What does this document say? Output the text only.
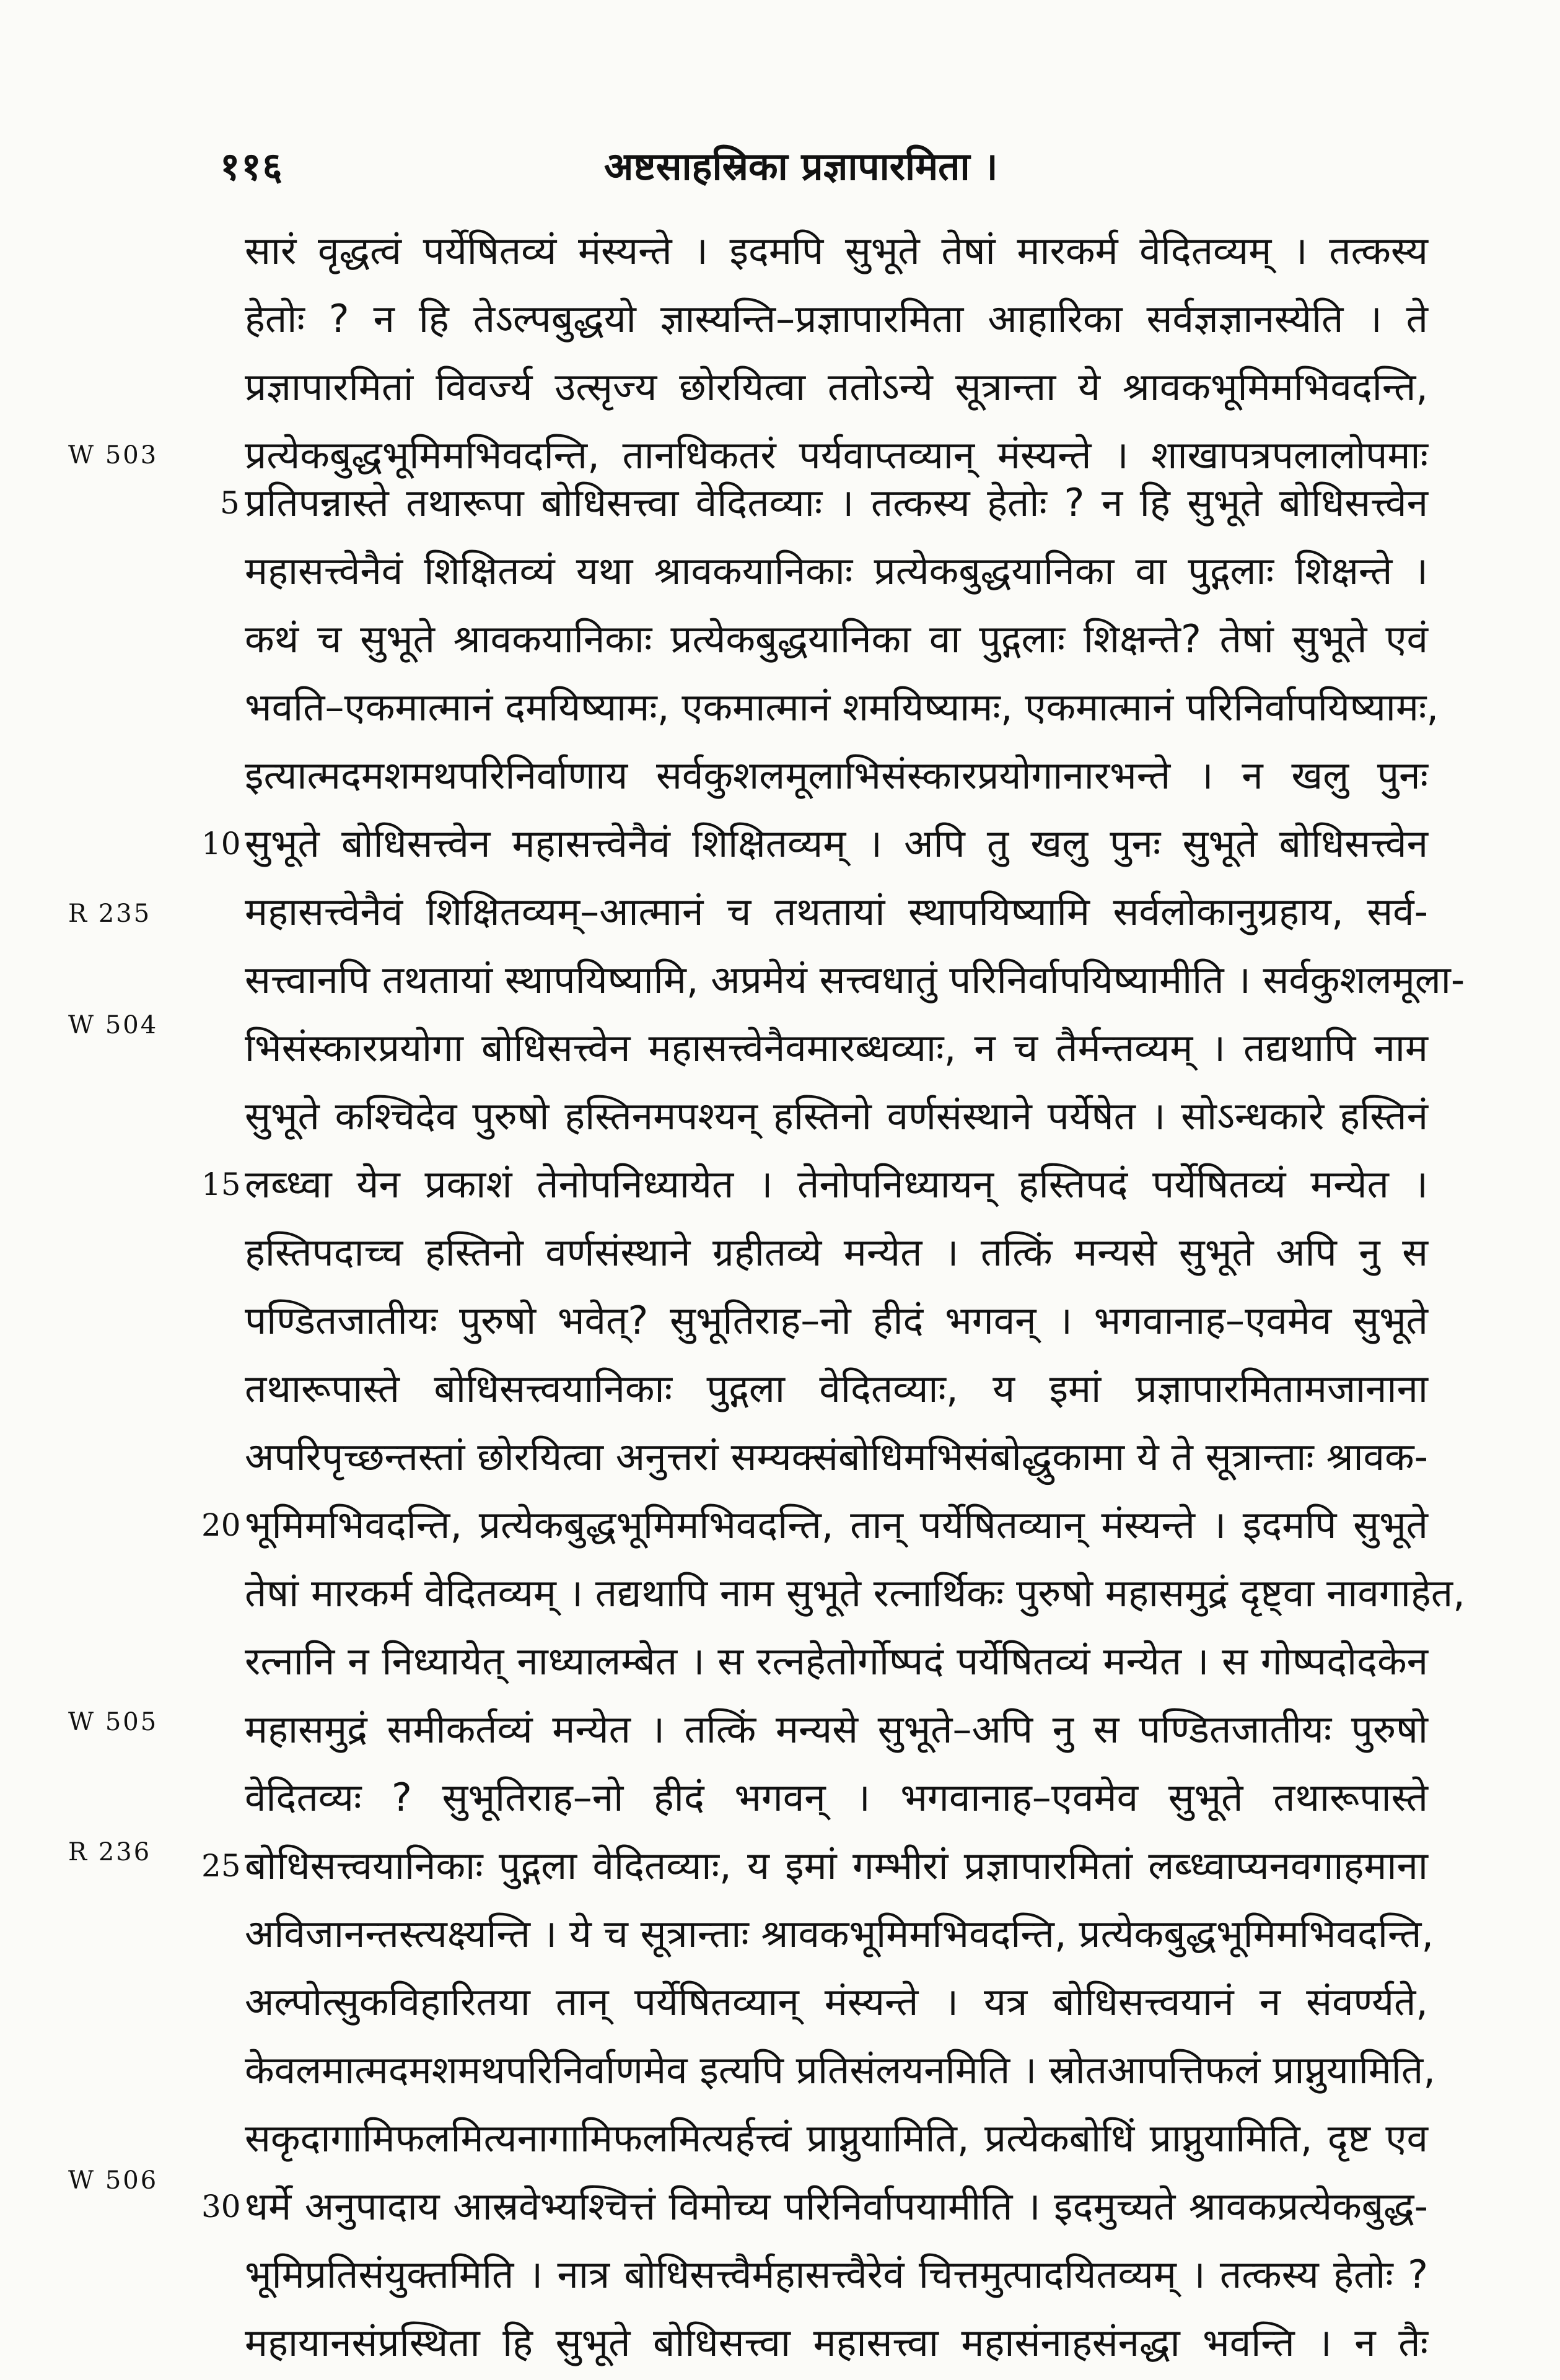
११६	अष्टसाहस्रिका प्रज्ञापारमिता ।
W 503
R 235
W 504
W 505
R 236
W 506
5
10
15
20
25
30
सारं वृद्धत्वं पर्येषितव्यं मंस्यन्ते । इदमपि सुभूते तेषां मारकर्म वेदितव्यम् । तत्कस्य
हेतोः ? न हि तेऽल्पबुद्धयो ज्ञास्यन्ति–प्रज्ञापारमिता आहारिका सर्वज्ञज्ञानस्येति । ते
प्रज्ञापारमितां विवर्ज्य उत्सृज्य छोरयित्वा ततोऽन्ये सूत्रान्ता ये श्रावकभूमिमभिवदन्ति,
प्रत्येकबुद्धभूमिमभिवदन्ति, तानधिकतरं पर्यवाप्तव्यान् मंस्यन्ते । शाखापत्रपलालोपमाः
प्रतिपन्नास्ते तथारूपा बोधिसत्त्वा वेदितव्याः । तत्कस्य हेतोः ? न हि सुभूते बोधिसत्त्वेन
महासत्त्वेनैवं शिक्षितव्यं यथा श्रावकयानिकाः प्रत्येकबुद्धयानिका वा पुद्गलाः शिक्षन्ते ।
कथं च सुभूते श्रावकयानिकाः प्रत्येकबुद्धयानिका वा पुद्गलाः शिक्षन्ते? तेषां सुभूते एवं
भवति–एकमात्मानं दमयिष्यामः, एकमात्मानं शमयिष्यामः, एकमात्मानं परिनिर्वापयिष्यामः,
इत्यात्मदमशमथपरिनिर्वाणाय सर्वकुशलमूलाभिसंस्कारप्रयोगानारभन्ते । न खलु पुनः
सुभूते बोधिसत्त्वेन महासत्त्वेनैवं शिक्षितव्यम् । अपि तु खलु पुनः सुभूते बोधिसत्त्वेन
महासत्त्वेनैवं शिक्षितव्यम्–आत्मानं च तथतायां स्थापयिष्यामि सर्वलोकानुग्रहाय, सर्व-
सत्त्वानपि तथतायां स्थापयिष्यामि, अप्रमेयं सत्त्वधातुं परिनिर्वापयिष्यामीति । सर्वकुशलमूला-
भिसंस्कारप्रयोगा बोधिसत्त्वेन महासत्त्वेनैवमारब्धव्याः, न च तैर्मन्तव्यम् । तद्यथापि नाम
सुभूते कश्चिदेव पुरुषो हस्तिनमपश्यन् हस्तिनो वर्णसंस्थाने पर्येषेत । सोऽन्धकारे हस्तिनं
लब्ध्वा येन प्रकाशं तेनोपनिध्यायेत । तेनोपनिध्यायन् हस्तिपदं पर्येषितव्यं मन्येत ।
हस्तिपदाच्च हस्तिनो वर्णसंस्थाने ग्रहीतव्ये मन्येत । तत्किं मन्यसे सुभूते अपि नु स
पण्डितजातीयः पुरुषो भवेत्? सुभूतिराह–नो हीदं भगवन् । भगवानाह–एवमेव सुभूते
तथारूपास्ते बोधिसत्त्वयानिकाः पुद्गला वेदितव्याः, य इमां प्रज्ञापारमितामजानाना
अपरिपृच्छन्तस्तां छोरयित्वा अनुत्तरां सम्यक्संबोधिमभिसंबोद्धुकामा ये ते सूत्रान्ताः श्रावक-
भूमिमभिवदन्ति, प्रत्येकबुद्धभूमिमभिवदन्ति, तान् पर्येषितव्यान् मंस्यन्ते । इदमपि सुभूते
तेषां मारकर्म वेदितव्यम् । तद्यथापि नाम सुभूते रत्नार्थिकः पुरुषो महासमुद्रं दृष्ट्वा नावगाहेत,
रत्नानि न निध्यायेत् नाध्यालम्बेत । स रत्नहेतोर्गोष्पदं पर्येषितव्यं मन्येत । स गोष्पदोदकेन
महासमुद्रं समीकर्तव्यं मन्येत । तत्किं मन्यसे सुभूते–अपि नु स पण्डितजातीयः पुरुषो
वेदितव्यः ? सुभूतिराह–नो हीदं भगवन् । भगवानाह–एवमेव सुभूते तथारूपास्ते
बोधिसत्त्वयानिकाः पुद्गला वेदितव्याः, य इमां गम्भीरां प्रज्ञापारमितां लब्ध्वाप्यनवगाहमाना
अविजानन्तस्त्यक्ष्यन्ति । ये च सूत्रान्ताः श्रावकभूमिमभिवदन्ति, प्रत्येकबुद्धभूमिमभिवदन्ति,
अल्पोत्सुकविहारितया तान् पर्येषितव्यान् मंस्यन्ते । यत्र बोधिसत्त्वयानं न संवर्ण्यते,
केवलमात्मदमशमथपरिनिर्वाणमेव इत्यपि प्रतिसंलयनमिति । स्रोतआपत्तिफलं प्राप्नुयामिति,
सकृदागामिफलमित्यनागामिफलमित्यर्हत्त्वं प्राप्नुयामिति, प्रत्येकबोधिं प्राप्नुयामिति, दृष्ट एव
धर्मे अनुपादाय आस्रवेभ्यश्चित्तं विमोच्य परिनिर्वापयामीति । इदमुच्यते श्रावकप्रत्येकबुद्ध-
भूमिप्रतिसंयुक्तमिति । नात्र बोधिसत्त्वैर्महासत्त्वैरेवं चित्तमुत्पादयितव्यम् । तत्कस्य हेतोः ?
महायानसंप्रस्थिता हि सुभूते बोधिसत्त्वा महासत्त्वा महासंनाहसंनद्धा भवन्ति । न तैः
